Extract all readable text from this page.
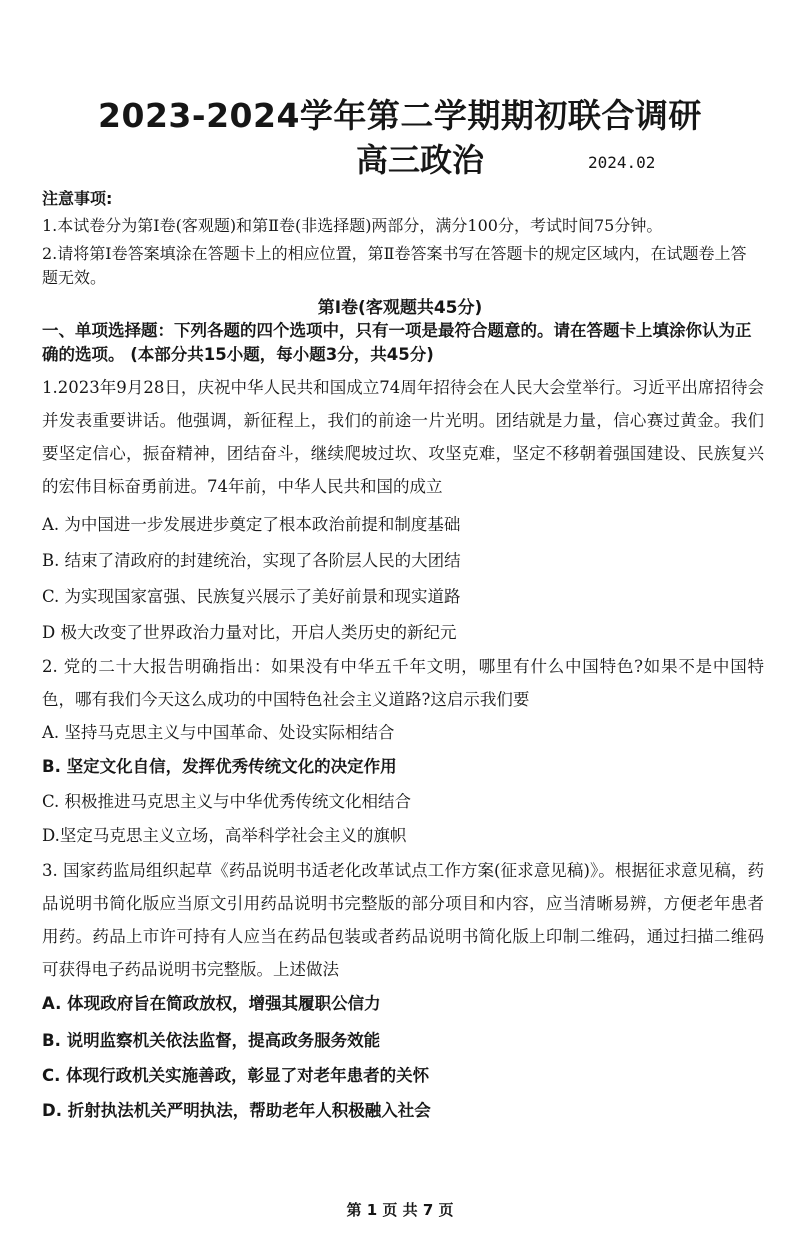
2023-2024学年第二学期期初联合调研
高三政治	2024.02
注意事项:
1.本试卷分为第Ⅰ卷(客观题)和第Ⅱ卷(非选择题)两部分，满分100分，考试时间75分钟。
2.请将第Ⅰ卷答案填涂在答题卡上的相应位置，第Ⅱ卷答案书写在答题卡的规定区域内，在试题卷上答题无效。
第Ⅰ卷(客观题共45分)
一、单项选择题：下列各题的四个选项中，只有一项是最符合题意的。请在答题卡上填涂你认为正确的选项。 (本部分共15小题，每小题3分，共45分)
1.2023年9月28日，庆祝中华人民共和国成立74周年招待会在人民大会堂举行。习近平出席招待会并发表重要讲话。他强调，新征程上，我们的前途一片光明。团结就是力量，信心赛过黄金。我们要坚定信心，振奋精神，团结奋斗，继续爬坡过坎、攻坚克难，坚定不移朝着强国建设、民族复兴的宏伟目标奋勇前进。74年前，中华人民共和国的成立
A. 为中国进一步发展进步奠定了根本政治前提和制度基础
B. 结束了清政府的封建统治，实现了各阶层人民的大团结
C. 为实现国家富强、民族复兴展示了美好前景和现实道路
D 极大改变了世界政治力量对比，开启人类历史的新纪元
2. 党的二十大报告明确指出：如果没有中华五千年文明，哪里有什么中国特色?如果不是中国特色，哪有我们今天这么成功的中国特色社会主义道路?这启示我们要
A. 坚持马克思主义与中国革命、处设实际相结合
B. 坚定文化自信，发挥优秀传统文化的决定作用
C. 积极推进马克思主义与中华优秀传统文化相结合
D.坚定马克思主义立场，高举科学社会主义的旗帜
3. 国家药监局组织起草《药品说明书适老化改革试点工作方案(征求意见稿)》。根据征求意见稿，药品说明书简化版应当原文引用药品说明书完整版的部分项目和内容，应当清晰易辨，方便老年患者用药。药品上市许可持有人应当在药品包装或者药品说明书简化版上印制二维码，通过扫描二维码可获得电子药品说明书完整版。上述做法
A. 体现政府旨在简政放权，增强其履职公信力
B. 说明监察机关依法监督，提高政务服务效能
C. 体现行政机关实施善政，彰显了对老年患者的关怀
D. 折射执法机关严明执法，帮助老年人积极融入社会
第 1 页 共 7 页
